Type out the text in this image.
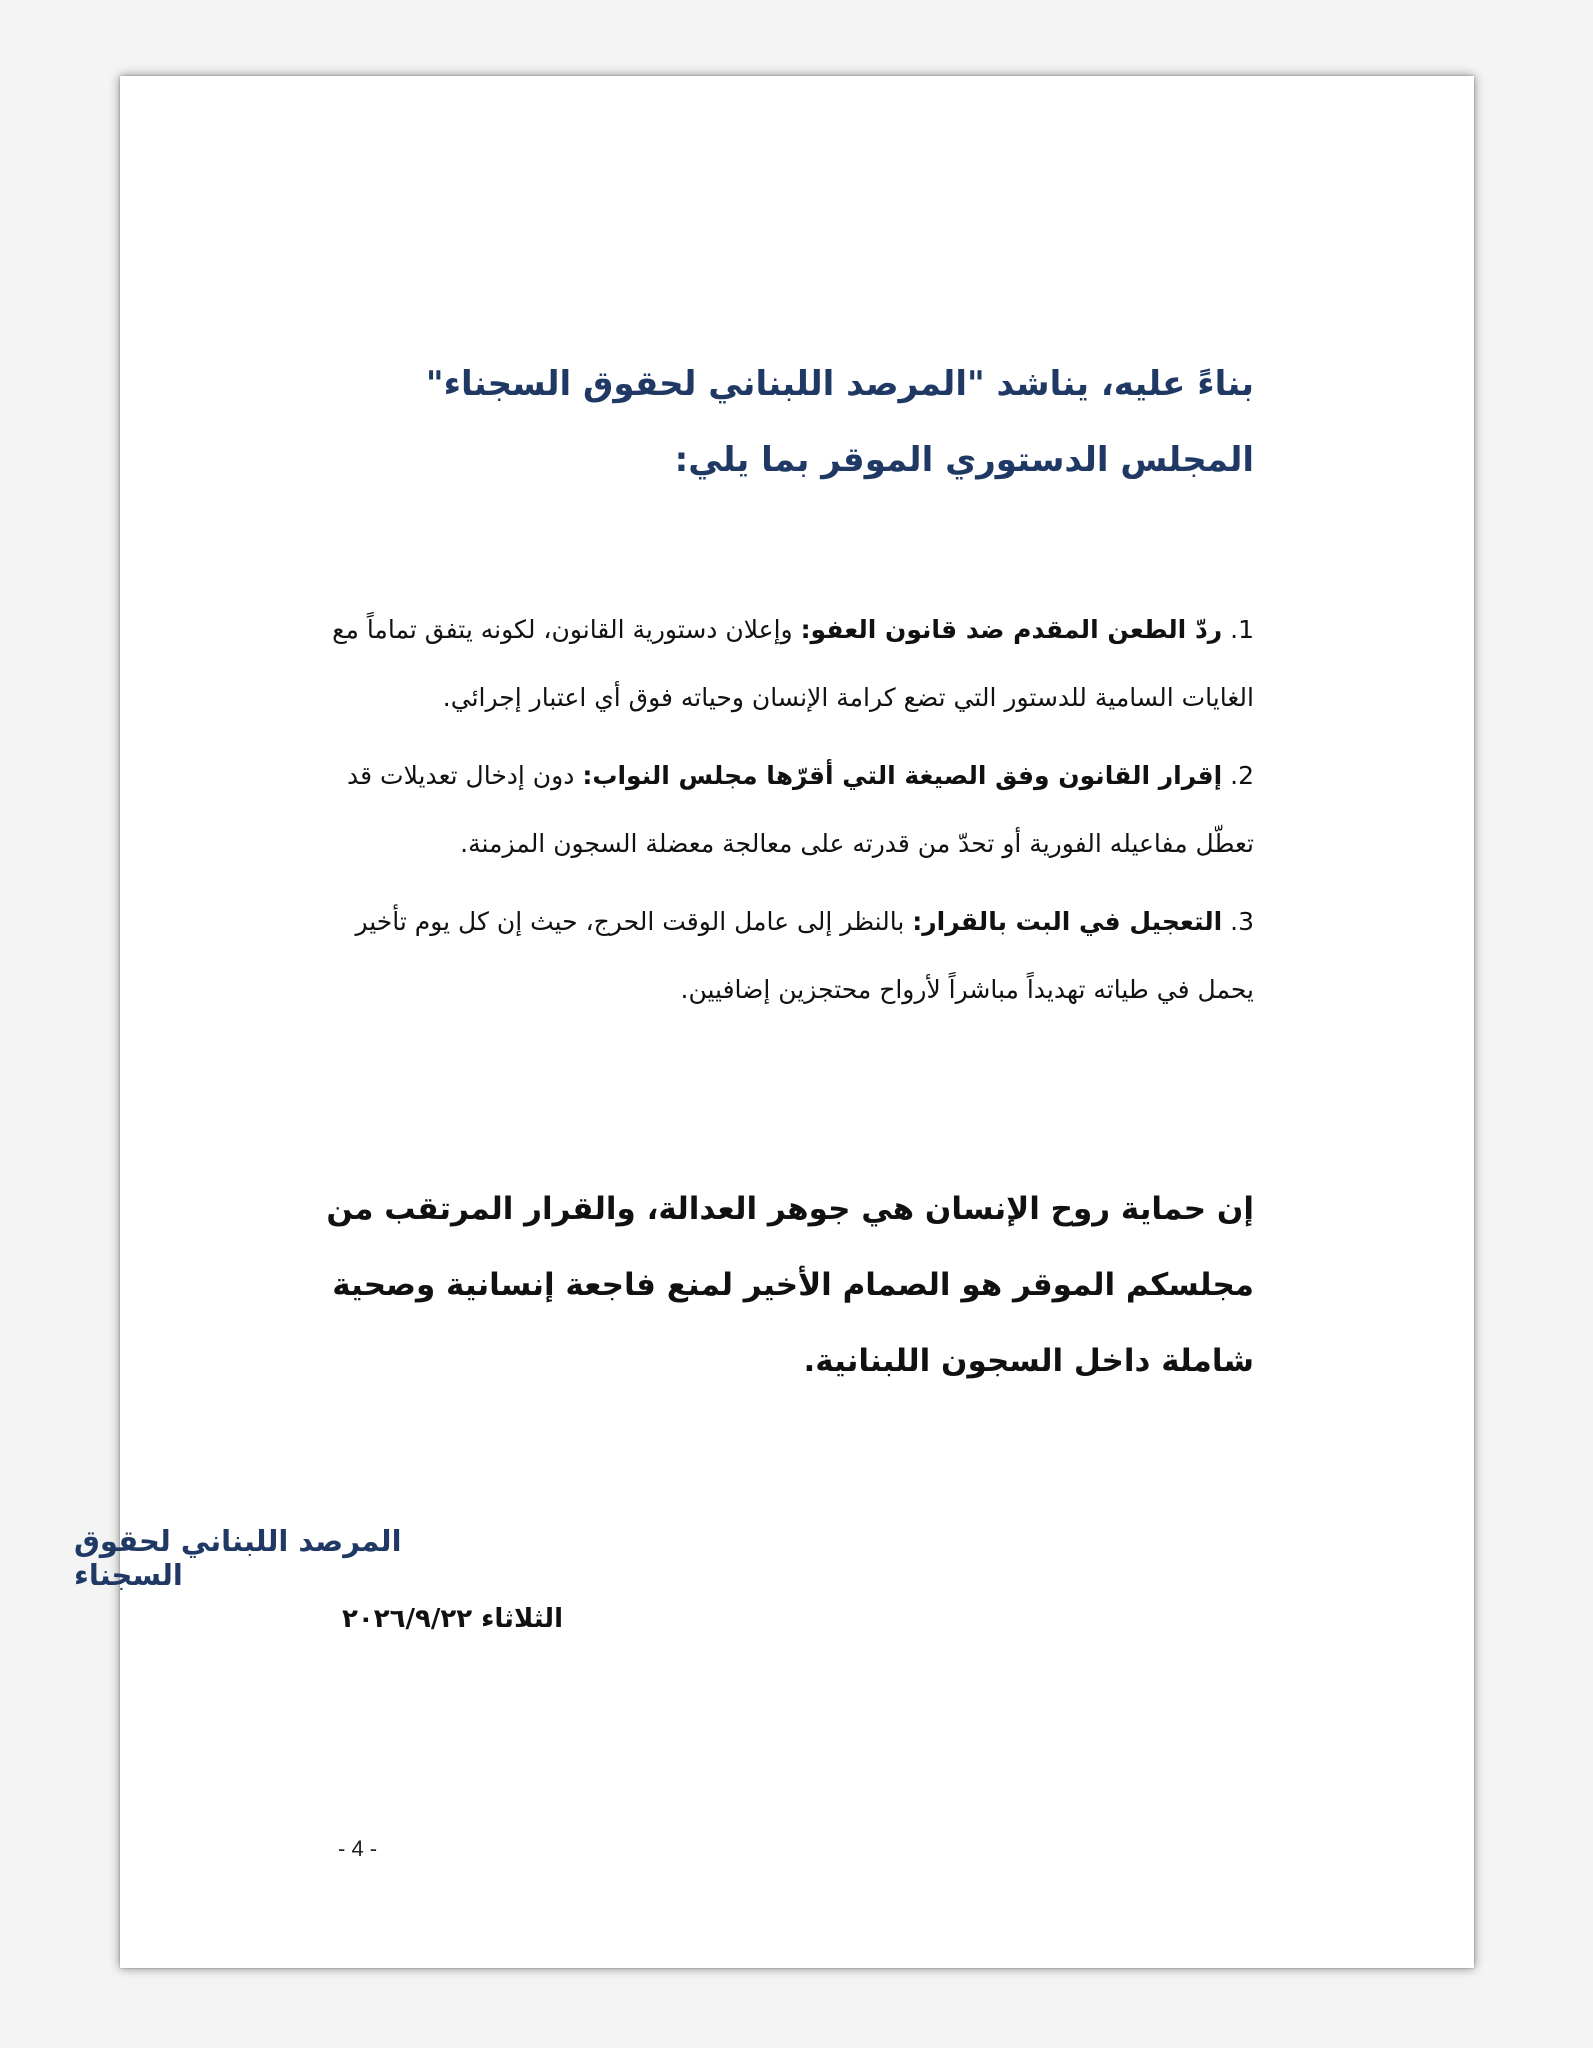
بناءً عليه، يناشد "المرصد اللبناني لحقوق السجناء" المجلس الدستوري الموقر بما يلي:

1. ردّ الطعن المقدم ضد قانون العفو: وإعلان دستورية القانون، لكونه يتفق تماماً مع الغايات السامية للدستور التي تضع كرامة الإنسان وحياته فوق أي اعتبار إجرائي.
2. إقرار القانون وفق الصيغة التي أقرّها مجلس النواب: دون إدخال تعديلات قد تعطّل مفاعيله الفورية أو تحدّ من قدرته على معالجة معضلة السجون المزمنة.
3. التعجيل في البت بالقرار: بالنظر إلى عامل الوقت الحرج، حيث إن كل يوم تأخير يحمل في طياته تهديداً مباشراً لأرواح محتجزين إضافيين.

إن حماية روح الإنسان هي جوهر العدالة، والقرار المرتقب من مجلسكم الموقر هو الصمام الأخير لمنع فاجعة إنسانية وصحية شاملة داخل السجون اللبنانية.

المرصد اللبناني لحقوق السجناء

الثلاثاء ٢٠٢٦/٩/٢٢

- 4 -
